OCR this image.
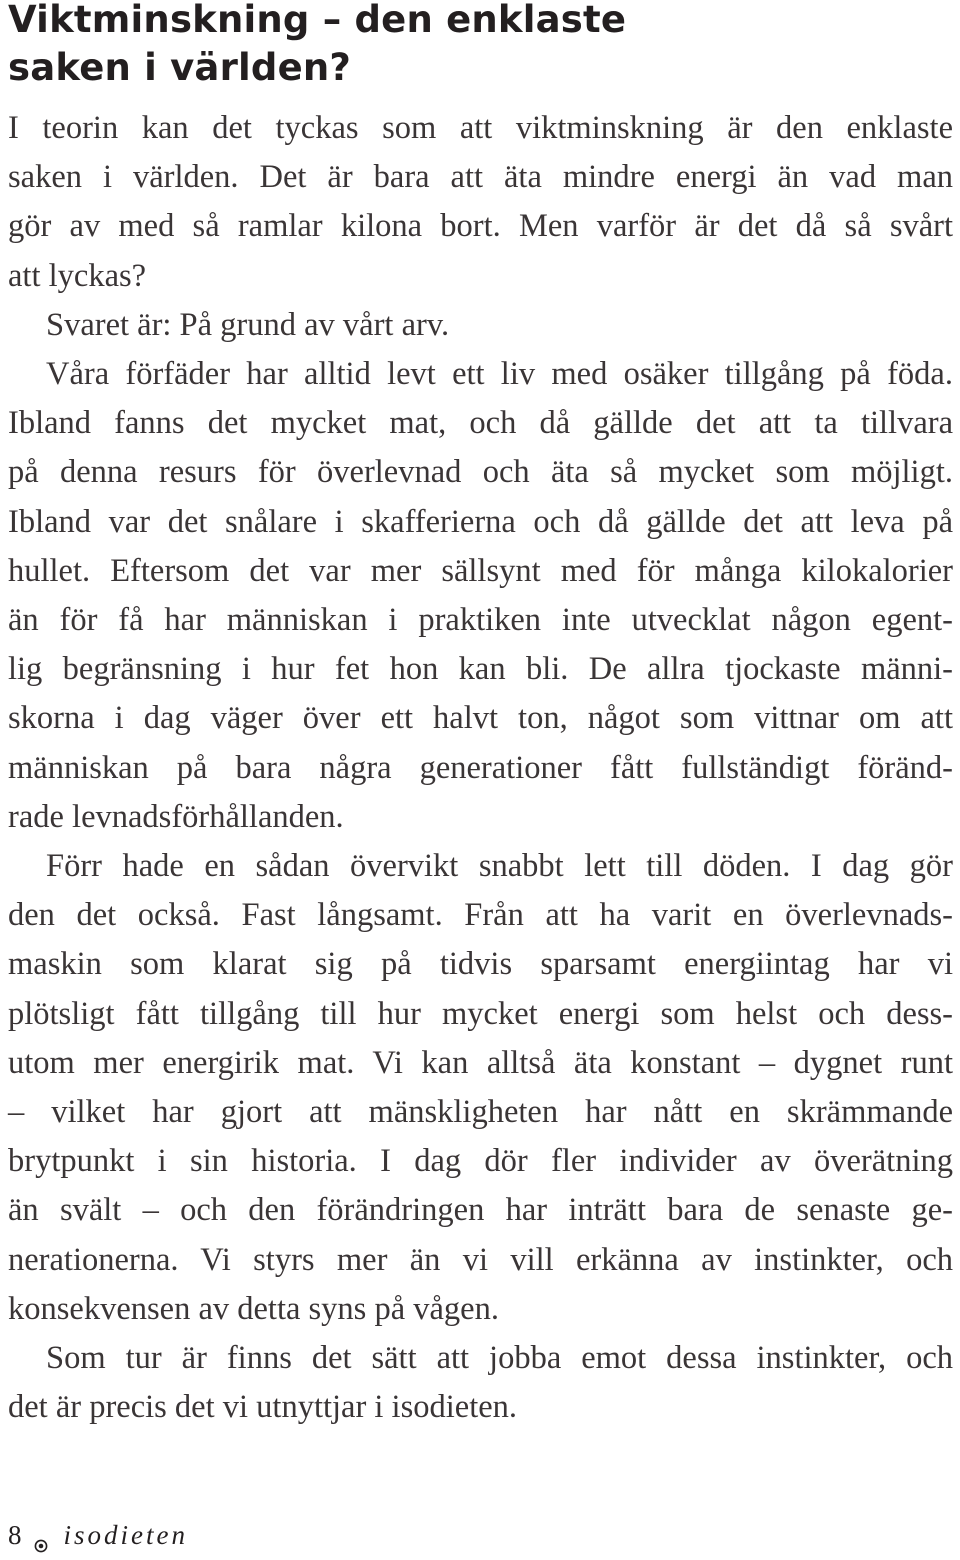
Viktminskning – den enklaste
saken i världen?

I teorin kan det tyckas som att viktminskning är den enklaste
saken i världen. Det är bara att äta mindre energi än vad man
gör av med så ramlar kilona bort. Men varför är det då så svårt
att lyckas?

Svaret är: På grund av vårt arv.

Våra förfäder har alltid levt ett liv med osäker tillgång på föda.
Ibland fanns det mycket mat, och då gällde det att ta tillvara
på denna resurs för överlevnad och äta så mycket som möjligt.
Ibland var det snålare i skafferierna och då gällde det att leva på
hullet. Eftersom det var mer sällsynt med för många kilokalorier
än för få har människan i praktiken inte utvecklat någon egent-
lig begränsning i hur fet hon kan bli. De allra tjockaste männi-
skorna i dag väger över ett halvt ton, något som vittnar om att
människan på bara några generationer fått fullständigt föränd-
rade levnadsförhållanden.

Förr hade en sådan övervikt snabbt lett till döden. I dag gör
den det också. Fast långsamt. Från att ha varit en överlevnads-
maskin som klarat sig på tidvis sparsamt energiintag har vi
plötsligt fått tillgång till hur mycket energi som helst och dess-
utom mer energirik mat. Vi kan alltså äta konstant – dygnet runt
– vilket har gjort att mänskligheten har nått en skrämmande
brytpunkt i sin historia. I dag dör fler individer av överätning
än svält – och den förändringen har inträtt bara de senaste ge-
nerationerna. Vi styrs mer än vi vill erkänna av instinkter, och
konsekvensen av detta syns på vågen.

Som tur är finns det sätt att jobba emot dessa instinkter, och
det är precis det vi utnyttjar i isodieten.

8 isodieten
